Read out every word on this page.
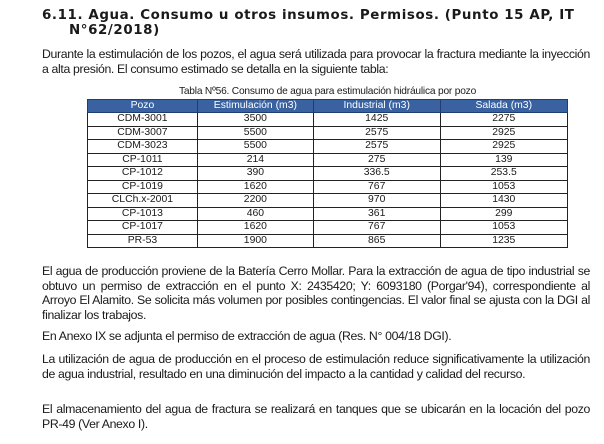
6.11. Agua. Consumo u otros insumos. Permisos. (Punto 15 AP, IT
N°62/2018)

Durante la estimulación de los pozos, el agua será utilizada para provocar la fractura mediante la inyección a alta presión. El consumo estimado se detalla en la siguiente tabla:

Tabla Nº56. Consumo de agua para estimulación hidráulica por pozo
Pozo	Estimulación (m3)	Industrial (m3)	Salada (m3)
CDM-3001	3500	1425	2275
CDM-3007	5500	2575	2925
CDM-3023	5500	2575	2925
CP-1011	214	275	139
CP-1012	390	336.5	253.5
CP-1019	1620	767	1053
CLCh.x-2001	2200	970	1430
CP-1013	460	361	299
CP-1017	1620	767	1053
PR-53	1900	865	1235

El agua de producción proviene de la Batería Cerro Mollar. Para la extracción de agua de tipo industrial se obtuvo un permiso de extracción en el punto X: 2435420; Y: 6093180 (Porgar'94), correspondiente al Arroyo El Alamito. Se solicita más volumen por posibles contingencias. El valor final se ajusta con la DGI al finalizar los trabajos.

En Anexo IX se adjunta el permiso de extracción de agua (Res. N° 004/18 DGI).

La utilización de agua de producción en el proceso de estimulación reduce significativamente la utilización de agua industrial, resultado en una diminución del impacto a la cantidad y calidad del recurso.

El almacenamiento del agua de fractura se realizará en tanques que se ubicarán en la locación del pozo PR-49 (Ver Anexo I).
